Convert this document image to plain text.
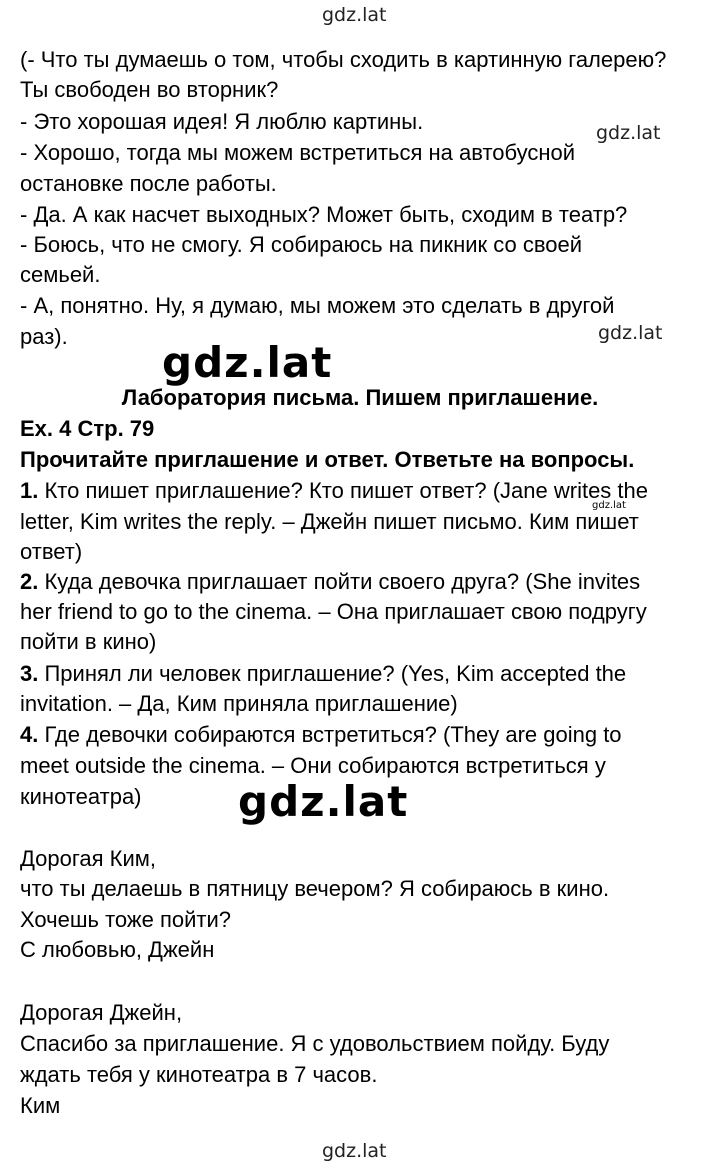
gdz.lat
gdz.lat
gdz.lat
gdz.lat
gdz.lat
gdz.lat
gdz.lat
(- Что ты думаешь о том, чтобы сходить в картинную галерею?
Ты свободен во вторник?
- Это хорошая идея! Я люблю картины.
- Хорошо, тогда мы можем встретиться на автобусной
остановке после работы.
- Да. А как насчет выходных? Может быть, сходим в театр?
- Боюсь, что не смогу. Я собираюсь на пикник со своей
семьей.
- А, понятно. Ну, я думаю, мы можем это сделать в другой
раз).
Лаборатория письма. Пишем приглашение.
Ex. 4 Стр. 79
Прочитайте приглашение и ответ. Ответьте на вопросы.
1. Кто пишет приглашение? Кто пишет ответ? (Jane writes the
letter, Kim writes the reply. – Джейн пишет письмо. Ким пишет
ответ)
2. Куда девочка приглашает пойти своего друга? (She invites
her friend to go to the cinema. – Она приглашает свою подругу
пойти в кино)
3. Принял ли человек приглашение? (Yes, Kim accepted the
invitation. – Да, Ким приняла приглашение)
4. Где девочки собираются встретиться? (They are going to
meet outside the cinema. – Они собираются встретиться у
кинотеатра)
Дорогая Ким,
что ты делаешь в пятницу вечером? Я собираюсь в кино.
Хочешь тоже пойти?
С любовью, Джейн
Дорогая Джейн,
Спасибо за приглашение. Я с удовольствием пойду. Буду
ждать тебя у кинотеатра в 7 часов.
Ким
